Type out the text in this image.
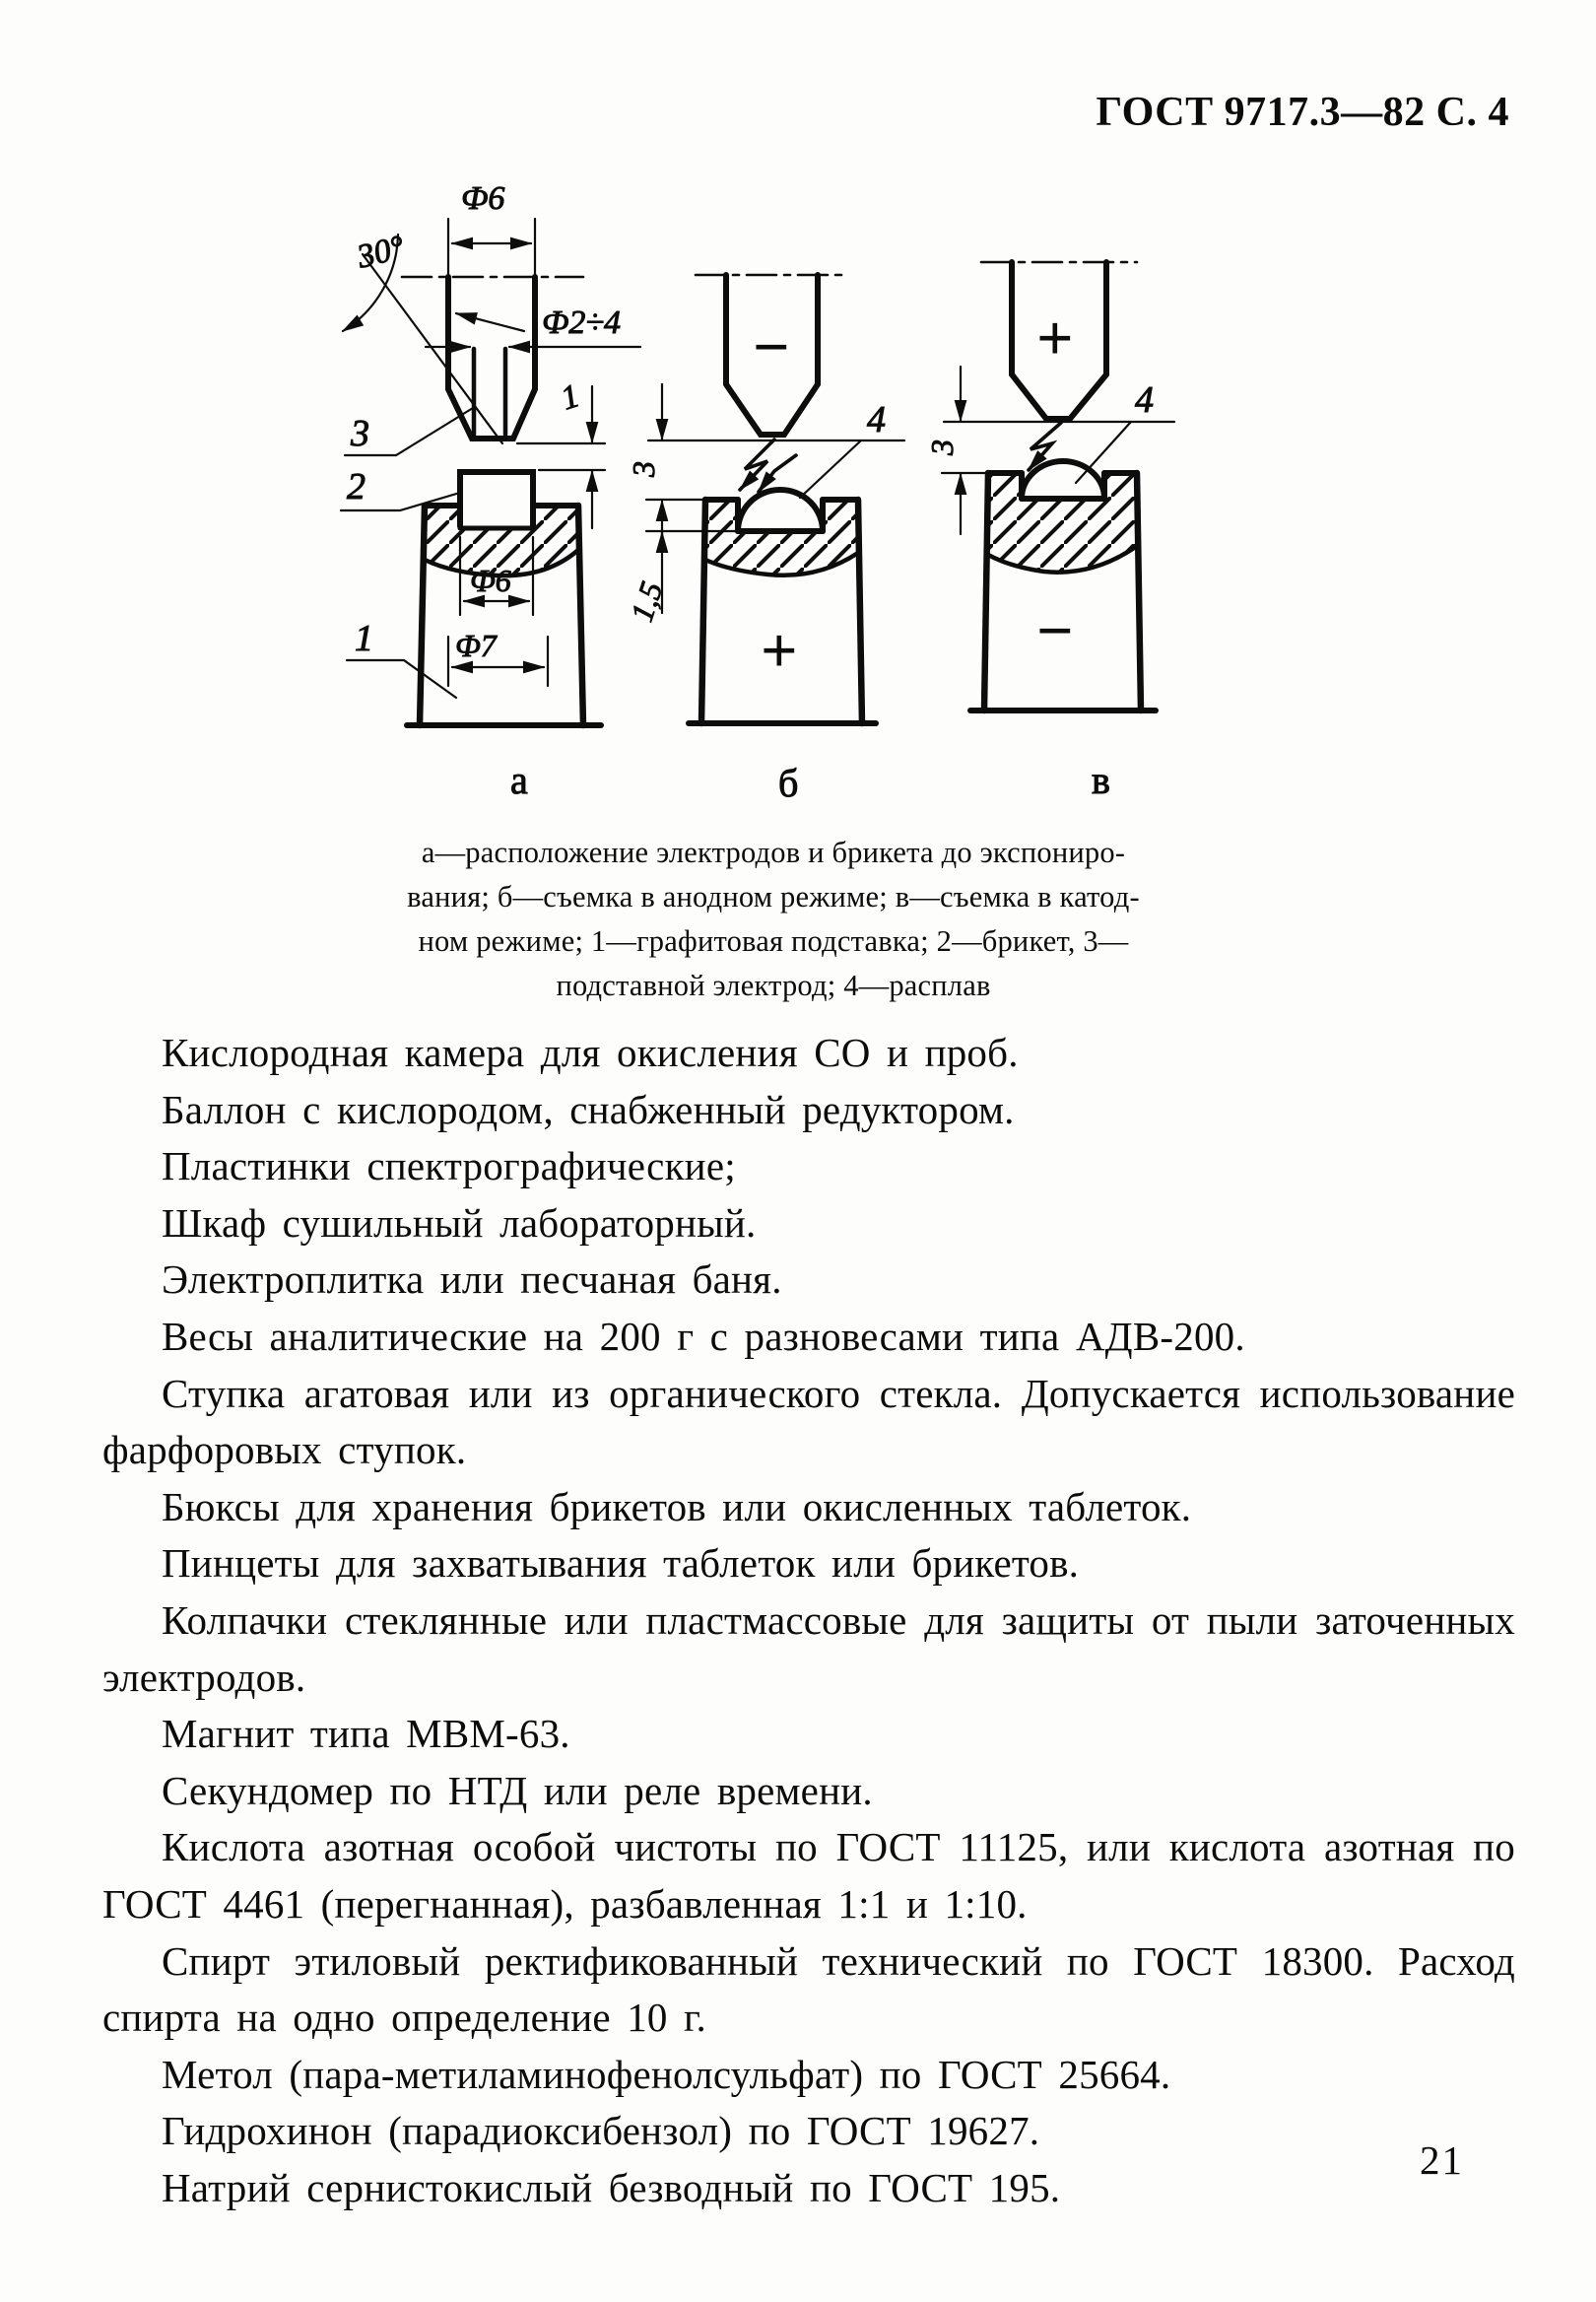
ГОСТ 9717.3—82 С. 4
Ф6
30°
Ф2÷4
3
2
1
Ф6
Ф7
1
а
−
+
3
1,5
4
б
+
−
3
4
в
а—расположение электродов и брикета до экспониро-
вания; б—съемка в анодном режиме; в—съемка в катод-
ном режиме; 1—графитовая подставка; 2—брикет, 3—
подставной электрод; 4—расплав

Кислородная камера для окисления СО и проб.

Баллон с кислородом, снабженный редуктором.

Пластинки спектрографические;

Шкаф сушильный лабораторный.

Электроплитка или песчаная баня.

Весы аналитические на 200 г с разновесами типа АДВ-200.

Ступка агатовая или из органического стекла. Допускается использование фарфоровых ступок.

Бюксы для хранения брикетов или окисленных таблеток.

Пинцеты для захватывания таблеток или брикетов.

Колпачки стеклянные или пластмассовые для защиты от пыли заточенных электродов.

Магнит типа МВМ-63.

Секундомер по НТД или реле времени.

Кислота азотная особой чистоты по ГОСТ 11125, или кислота азотная по ГОСТ 4461 (перегнанная), разбавленная 1:1 и 1:10.

Спирт этиловый ректификованный технический по ГОСТ 18300. Расход спирта на одно определение 10 г.

Метол (пара-метиламинофенолсульфат) по ГОСТ 25664.

Гидрохинон (парадиоксибензол) по ГОСТ 19627.

Натрий сернистокислый безводный по ГОСТ 195.

21
